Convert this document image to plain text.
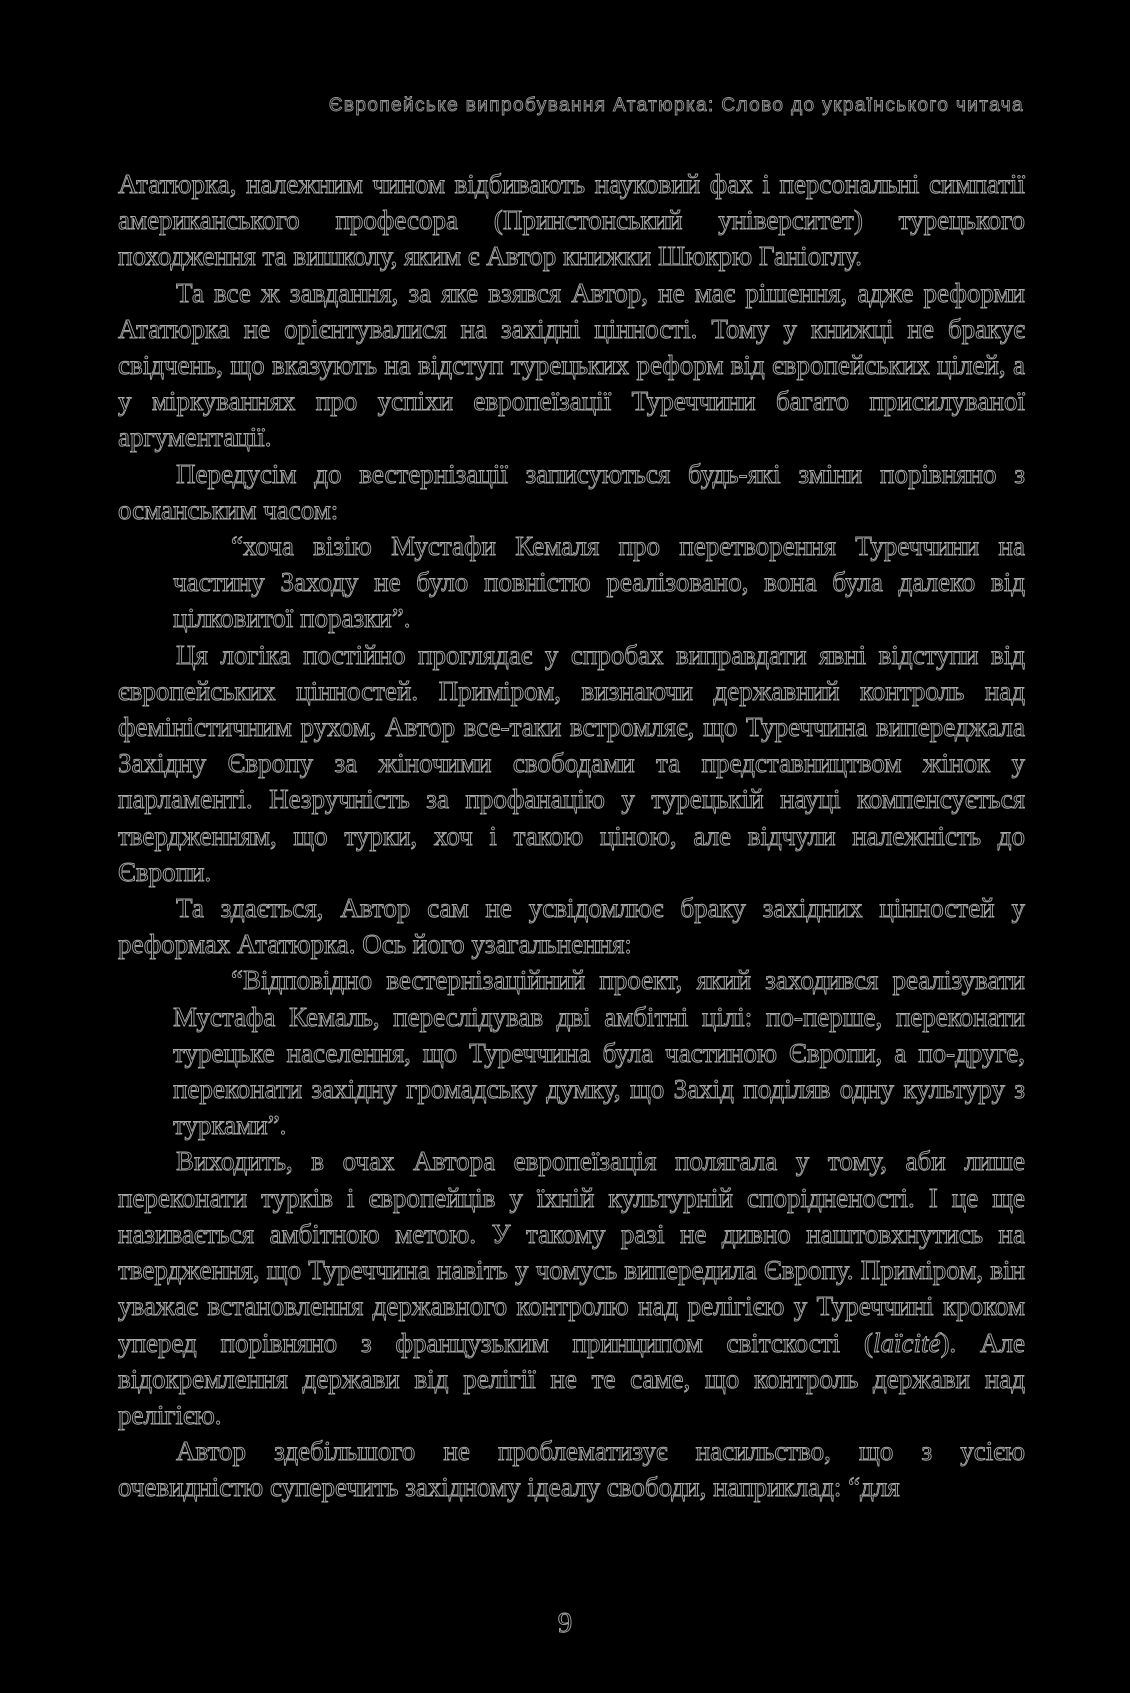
Європейське випробування Ататюрка: Слово до українського читача

Ататюрка, належним чином відбивають науковий фах і персональні симпатії американського професора (Принстонський університет) турецького походження та вишколу, яким є Автор книжки Шюкрю Ганіоглу.

Та все ж завдання, за яке взявся Автор, не має рішення, адже реформи Ататюрка не орієнтувалися на західні цінності. Тому у книжці не бракує свідчень, що вказують на відступ турецьких реформ від європейських цілей, а у міркуваннях про успіхи европеїзації Туреччини багато присилуваної аргументації.

Передусім до вестернізації записуються будь-які зміни порівняно з османським часом:

“хоча візію Мустафи Кемаля про перетворення Туреччини на частину Заходу не було повністю реалізовано, вона була далеко від цілковитої поразки”.

Ця логіка постійно проглядає у спробах виправдати явні відступи від європейських цінностей. Приміром, визнаючи державний контроль над феміністичним рухом, Автор все-таки встромляє, що Туреччина випереджала Західну Європу за жіночими свободами та представництвом жінок у парламенті. Незручність за профанацію у турецькій науці компенсується твердженням, що турки, хоч і такою ціною, але відчули належність до Європи.

Та здається, Автор сам не усвідомлює браку західних цінностей у реформах Ататюрка. Ось його узагальнення:

“Відповідно вестернізаційний проект, який заходився реалізувати Мустафа Кемаль, переслідував дві амбітні цілі: по-перше, переконати турецьке населення, що Туреччина була частиною Європи, а по-друге, переконати західну громадську думку, що Захід поділяв одну культуру з турками”.

Виходить, в очах Автора европеїзація полягала у тому, аби лише переконати турків і європейців у їхній культурній спорідненості. І це ще називається амбітною метою. У такому разі не дивно наштовхнутись на твердження, що Туреччина навіть у чомусь випередила Європу. Приміром, він уважає встановлення державного контролю над релігією у Туреччині кроком уперед порівняно з французьким принципом світскості (laïcité). Але відокремлення держави від релігії не те саме, що контроль держави над релігією.

Автор здебільшого не проблематизує насильство, що з усією очевидністю суперечить західному ідеалу свободи, наприклад: “для

9
